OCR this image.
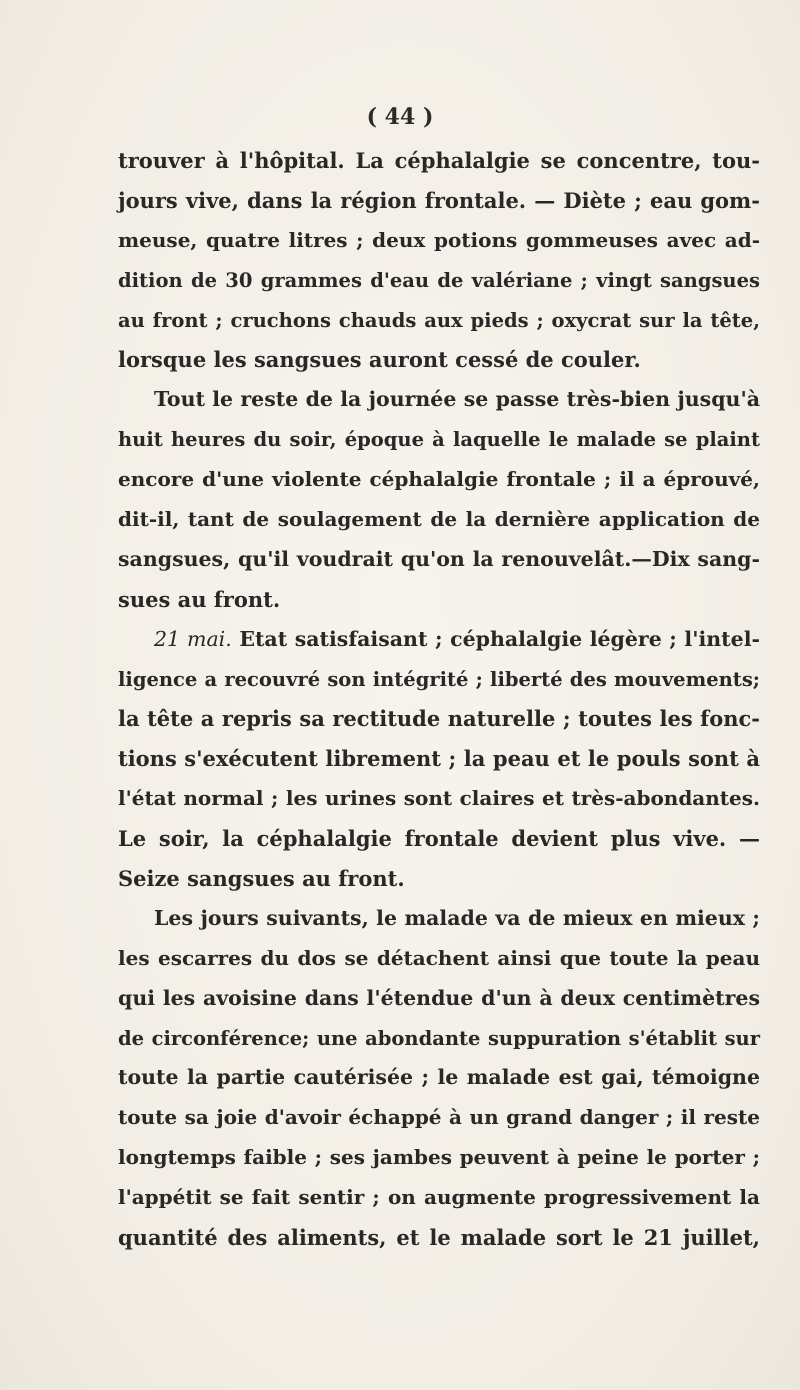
( 44 )
trouver à l'hôpital. La céphalalgie se concentre, tou-
jours vive, dans la région frontale. — Diète ; eau gom-
meuse, quatre litres ; deux potions gommeuses avec ad-
dition de 30 grammes d'eau de valériane ; vingt sangsues
au front ; cruchons chauds aux pieds ; oxycrat sur la tête,
lorsque les sangsues auront cessé de couler.
Tout le reste de la journée se passe très-bien jusqu'à
huit heures du soir, époque à laquelle le malade se plaint
encore d'une violente céphalalgie frontale ; il a éprouvé,
dit-il, tant de soulagement de la dernière application de
sangsues, qu'il voudrait qu'on la renouvelât.—Dix sang-
sues au front.
21 mai. Etat satisfaisant ; céphalalgie légère ; l'intel-
ligence a recouvré son intégrité ; liberté des mouvements;
la tête a repris sa rectitude naturelle ; toutes les fonc-
tions s'exécutent librement ; la peau et le pouls sont à
l'état normal ; les urines sont claires et très-abondantes.
Le soir, la céphalalgie frontale devient plus vive. —
Seize sangsues au front.
Les jours suivants, le malade va de mieux en mieux ;
les escarres du dos se détachent ainsi que toute la peau
qui les avoisine dans l'étendue d'un à deux centimètres
de circonférence; une abondante suppuration s'établit sur
toute la partie cautérisée ; le malade est gai, témoigne
toute sa joie d'avoir échappé à un grand danger ; il reste
longtemps faible ; ses jambes peuvent à peine le porter ;
l'appétit se fait sentir ; on augmente progressivement la
quantité des aliments, et le malade sort le 21 juillet,
